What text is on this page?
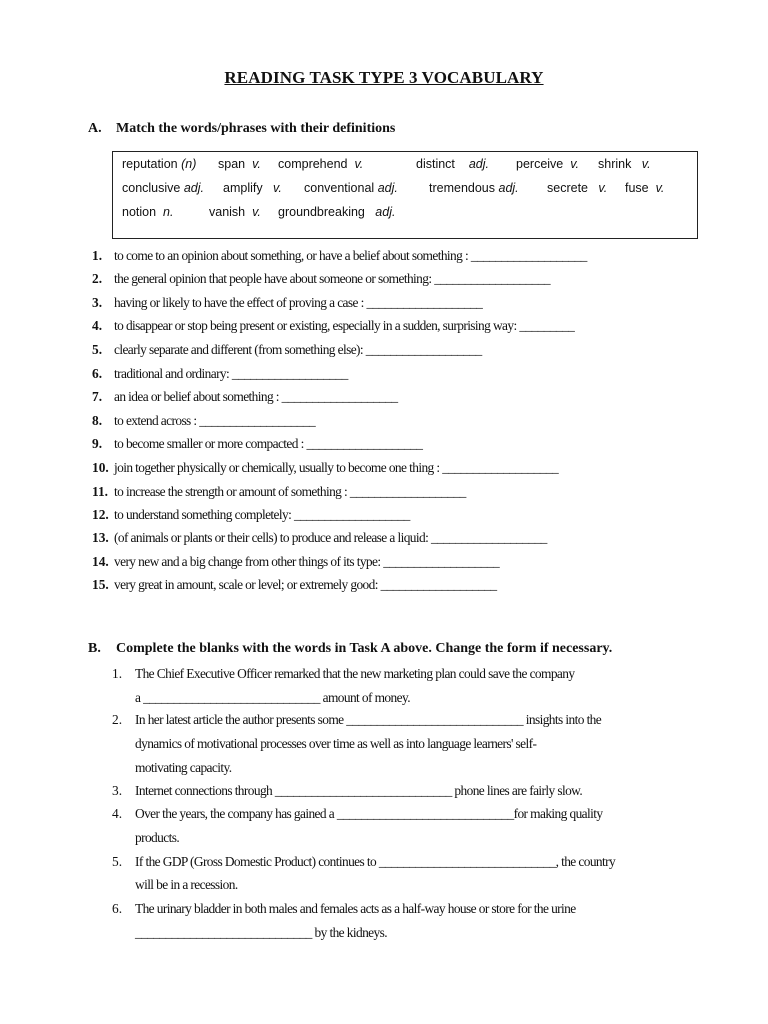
READING TASK TYPE 3 VOCABULARY
A. Match the words/phrases with their definitions
reputation (n) span v. comprehend v.	distinct adj. perceive v. shrink v.
conclusive adj. amplify v. conventional adj. tremendous adj. secrete v. fuse v.
notion n.	vanish v. groundbreaking adj.
1. to come to an opinion about something, or have a belief about something : ___________________
2. the general opinion that people have about someone or something: ___________________
3. having or likely to have the effect of proving a case : ___________________
4. to disappear or stop being present or existing, especially in a sudden, surprising way: _________
5. clearly separate and different (from something else): ___________________
6. traditional and ordinary: ___________________
7. an idea or belief about something : ___________________
8. to extend across : ___________________
9. to become smaller or more compacted : ___________________
10. join together physically or chemically, usually to become one thing : ___________________
11. to increase the strength or amount of something : ___________________
12. to understand something completely: ___________________
13. (of animals or plants or their cells) to produce and release a liquid: ___________________
14. very new and a big change from other things of its type: ___________________
15. very great in amount, scale or level; or extremely good: ___________________
B. Complete the blanks with the words in Task A above. Change the form if necessary.
1. The Chief Executive Officer remarked that the new marketing plan could save the company
a _____________________________ amount of money.
2. In her latest article the author presents some _____________________________ insights into the
dynamics of motivational processes over time as well as into language learners' self-
motivating capacity.
3. Internet connections through _____________________________ phone lines are fairly slow.
4. Over the years, the company has gained a _____________________________for making quality
products.
5. If the GDP (Gross Domestic Product) continues to _____________________________, the country
will be in a recession.
6. The urinary bladder in both males and females acts as a half-way house or store for the urine
_____________________________ by the kidneys.
